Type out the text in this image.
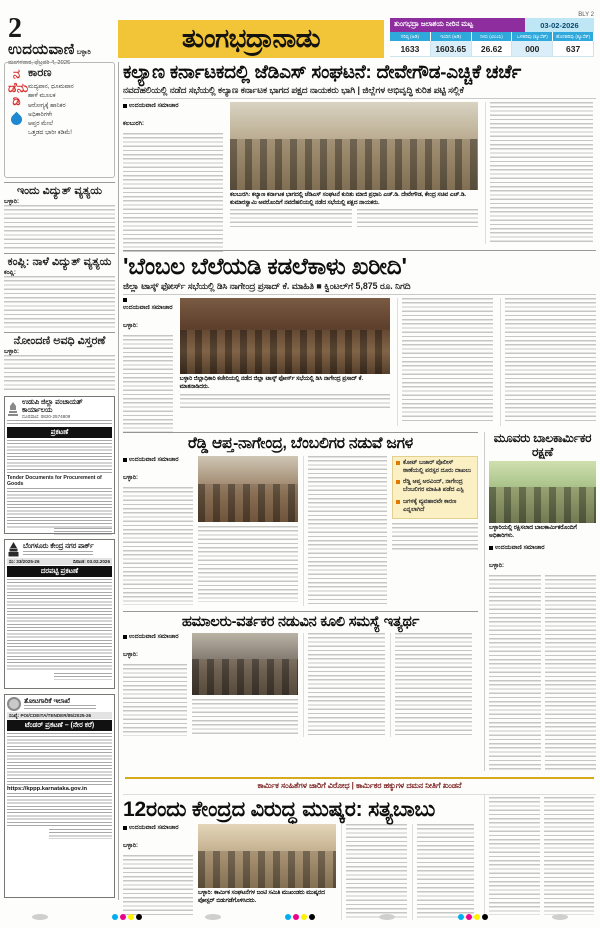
BLY 2
2
ಉದಯವಾಣಿ ಬಳ್ಳಾರಿ
ಮಂಗಳವಾರ, ಫೆಬ್ರವರಿ 4, 2026
ತುಂಗಭದ್ರಾನಾಡು	ತುಂಗಭದ್ರಾ ಜಲಾಶಯ ನೀರಿನ ಮಟ್ಟ	03-02-2026
ಗರಿಷ್ಠ (ಅಡಿ)	ಇಂದಿನ (ಅಡಿ)	ನೀರು (ಟಿಎಂಸಿ)	ಒಳಹರಿವು (ಕ್ಯೂಸೆಕ್)	ಹೊರಹರಿವು (ಕ್ಯೂಸೆಕ್)
1633	1603.65	26.62	000	637
ನಡೆನುಡಿ
ಕಾರಣ
ಮದ್ಯಪಾನ, ಧೂಮಪಾನ
ಹಾಳೆ ಮೂಲಕ
ಆರೋಗ್ಯಕ್ಕೆ ಹಾನಿಕರ
ಅಧಿಕಾರಿಗಳೇ
ಆಪ್ತರ ಮೇಲೆ
ಒತ್ತಡದ ಭಾರೀ ಕಡಿಮೆ!
ಇಂದು ವಿದ್ಯುತ್ ವ್ಯತ್ಯಯ
ಬಳ್ಳಾರಿ:
ಕಂಪ್ಲಿ: ನಾಳೆ ವಿದ್ಯುತ್ ವ್ಯತ್ಯಯ
ಕಂಪ್ಲಿ:
ನೋಂದಣಿ ಅವಧಿ ವಿಸ್ತರಣೆ
ಬಳ್ಳಾರಿ:
ಉಡುಪಿ ಜಿಲ್ಲಾ ಪಂಚಾಯತ್ ಕಾರ್ಯಾಲಯ
ದೂರವಾಣಿ: 0820-2574809
ಪ್ರಕಟಣೆ
Tender Documents for Procurement of Goods
ಬೆಂಗಳೂರು ಕೇಂದ್ರ ನಗರ ಪಾರ್ಕ್
ಸಂ: 33/2025-26	ದಿನಾಂಕ: 03.02.2026
ದರಪಟ್ಟಿ ಪ್ರಕಟಣೆ
ತೋಟಗಾರಿಕೆ ಇಲಾಖೆ
ಸಂಖ್ಯೆ: POI/CDEITA/TENDER/85/2025-26
ಟೆಂಡರ್ ಪ್ರಕಟಣೆ – (ನೇರ ಕರೆ)
https://kppp.karnataka.gov.in
ಕಲ್ಯಾಣ ಕರ್ನಾಟಕದಲ್ಲಿ ಜೆಡಿಎಸ್ ಸಂಘಟನೆ: ದೇವೇಗೌಡ-ಎಚ್ಚಿಕೆ ಚರ್ಚೆ
ನವದೆಹಲಿಯಲ್ಲಿ ನಡೆದ ಸಭೆಯಲ್ಲಿ ಕಲ್ಯಾಣ ಕರ್ನಾಟಕ ಭಾಗದ ಪಕ್ಷದ ನಾಯಕರು ಭಾಗಿ | ಜಿಲ್ಲೆಗಳ ಅಭಿವೃದ್ಧಿ ಕುರಿತ ಪಟ್ಟಿ ಸಲ್ಲಿಕೆ
ಉದಯವಾಣಿ ಸಮಾಚಾರ
ಕಲಬುರಗಿ:
ಕಲಬುರಗಿ: ಕಲ್ಯಾಣ ಕರ್ನಾಟಕ ಭಾಗದಲ್ಲಿ ಜೆಡಿಎಸ್ ಸಂಘಟನೆ ಕುರಿತು ಮಾಜಿ ಪ್ರಧಾನಿ ಎಚ್.ಡಿ. ದೇವೇಗೌಡ, ಕೇಂದ್ರ ಸಚಿವ ಎಚ್.ಡಿ. ಕುಮಾರಸ್ವಾಮಿ ಅವರೊಂದಿಗೆ ನವದೆಹಲಿಯಲ್ಲಿ ನಡೆದ ಸಭೆಯಲ್ಲಿ ಪಕ್ಷದ ನಾಯಕರು.
'ಬೆಂಬಲ ಬೆಲೆಯಡಿ ಕಡಲೆಕಾಳು ಖರೀದಿ'
ಜಿಲ್ಲಾ ಟಾಸ್ಕ್ ಫೋರ್ಸ್ ಸಭೆಯಲ್ಲಿ ಡಿಸಿ ನಾಗೇಂದ್ರ ಪ್ರಸಾದ್ ಕೆ. ಮಾಹಿತಿ ■ ಕ್ವಿಂಟಲ್‌ಗೆ 5,875 ರೂ. ನಿಗದಿ
ಉದಯವಾಣಿ ಸಮಾಚಾರ
ಬಳ್ಳಾರಿ:
ಬಳ್ಳಾರಿ ಜಿಲ್ಲಾಧಿಕಾರಿ ಕಚೇರಿಯಲ್ಲಿ ನಡೆದ ಜಿಲ್ಲಾ ಟಾಸ್ಕ್ ಫೋರ್ಸ್ ಸಭೆಯಲ್ಲಿ ಡಿಸಿ ನಾಗೇಂದ್ರ ಪ್ರಸಾದ್ ಕೆ. ಮಾತನಾಡಿದರು.
ರೆಡ್ಡಿ ಆಪ್ತ-ನಾಗೇಂದ್ರ, ಬೆಂಬಲಿಗರ ನಡುವೆ ಜಗಳ
ಉದಯವಾಣಿ ಸಮಾಚಾರ
ಬಳ್ಳಾರಿ:
ಕೋಟ್ ಬಜಾರ್ ಪೊಲೀಸ್ ಠಾಣೆಯಲ್ಲಿ ಪರಸ್ಪರ ದೂರು ದಾಖಲು
ರೆಡ್ಡಿ ಆಪ್ತ ಅರವಿಂದ್, ನಾಗೇಂದ್ರ ಬೆಂಬಲಿಗರ ಮಾಹಿತಿ ಪಡೆದ ಎಸ್ಪಿ
ಜಗಳಕ್ಕೆ ವ್ಯವಹಾರವೇ ಕಾರಣ ಎನ್ನಲಾಗಿದೆ
ಹಮಾಲರು-ವರ್ತಕರ ನಡುವಿನ ಕೂಲಿ ಸಮಸ್ಯೆ ಇತ್ಯರ್ಥ
ಉದಯವಾಣಿ ಸಮಾಚಾರ
ಬಳ್ಳಾರಿ:
ಮೂವರು ಬಾಲಕಾರ್ಮಿಕರ ರಕ್ಷಣೆ
ಬಳ್ಳಾರಿಯಲ್ಲಿ ರಕ್ಷಿಸಲಾದ ಬಾಲಕಾರ್ಮಿಕರೊಂದಿಗೆ ಅಧಿಕಾರಿಗಳು.
ಉದಯವಾಣಿ ಸಮಾಚಾರ
ಬಳ್ಳಾರಿ:
ಕಾರ್ಮಿಕ ಸಂಹಿತೆಗಳ ಜಾರಿಗೆ ವಿರೋಧ | ಕಾರ್ಮಿಕರ ಹಕ್ಕುಗಳ ದಮನ ನೀತಿಗೆ ಖಂಡನೆ
12ರಂದು ಕೇಂದ್ರದ ವಿರುದ್ಧ ಮುಷ್ಕರ: ಸತ್ಯಬಾಬು
ಉದಯವಾಣಿ ಸಮಾಚಾರ
ಬಳ್ಳಾರಿ:
ಬಳ್ಳಾರಿ: ಕಾರ್ಮಿಕ ಸಂಘಟನೆಗಳ ಜಂಟಿ ಸಮಿತಿ ಮುಖಂಡರು ಮುಷ್ಕರದ ಪೋಸ್ಟರ್ ಬಿಡುಗಡೆಗೊಳಿಸಿದರು.
